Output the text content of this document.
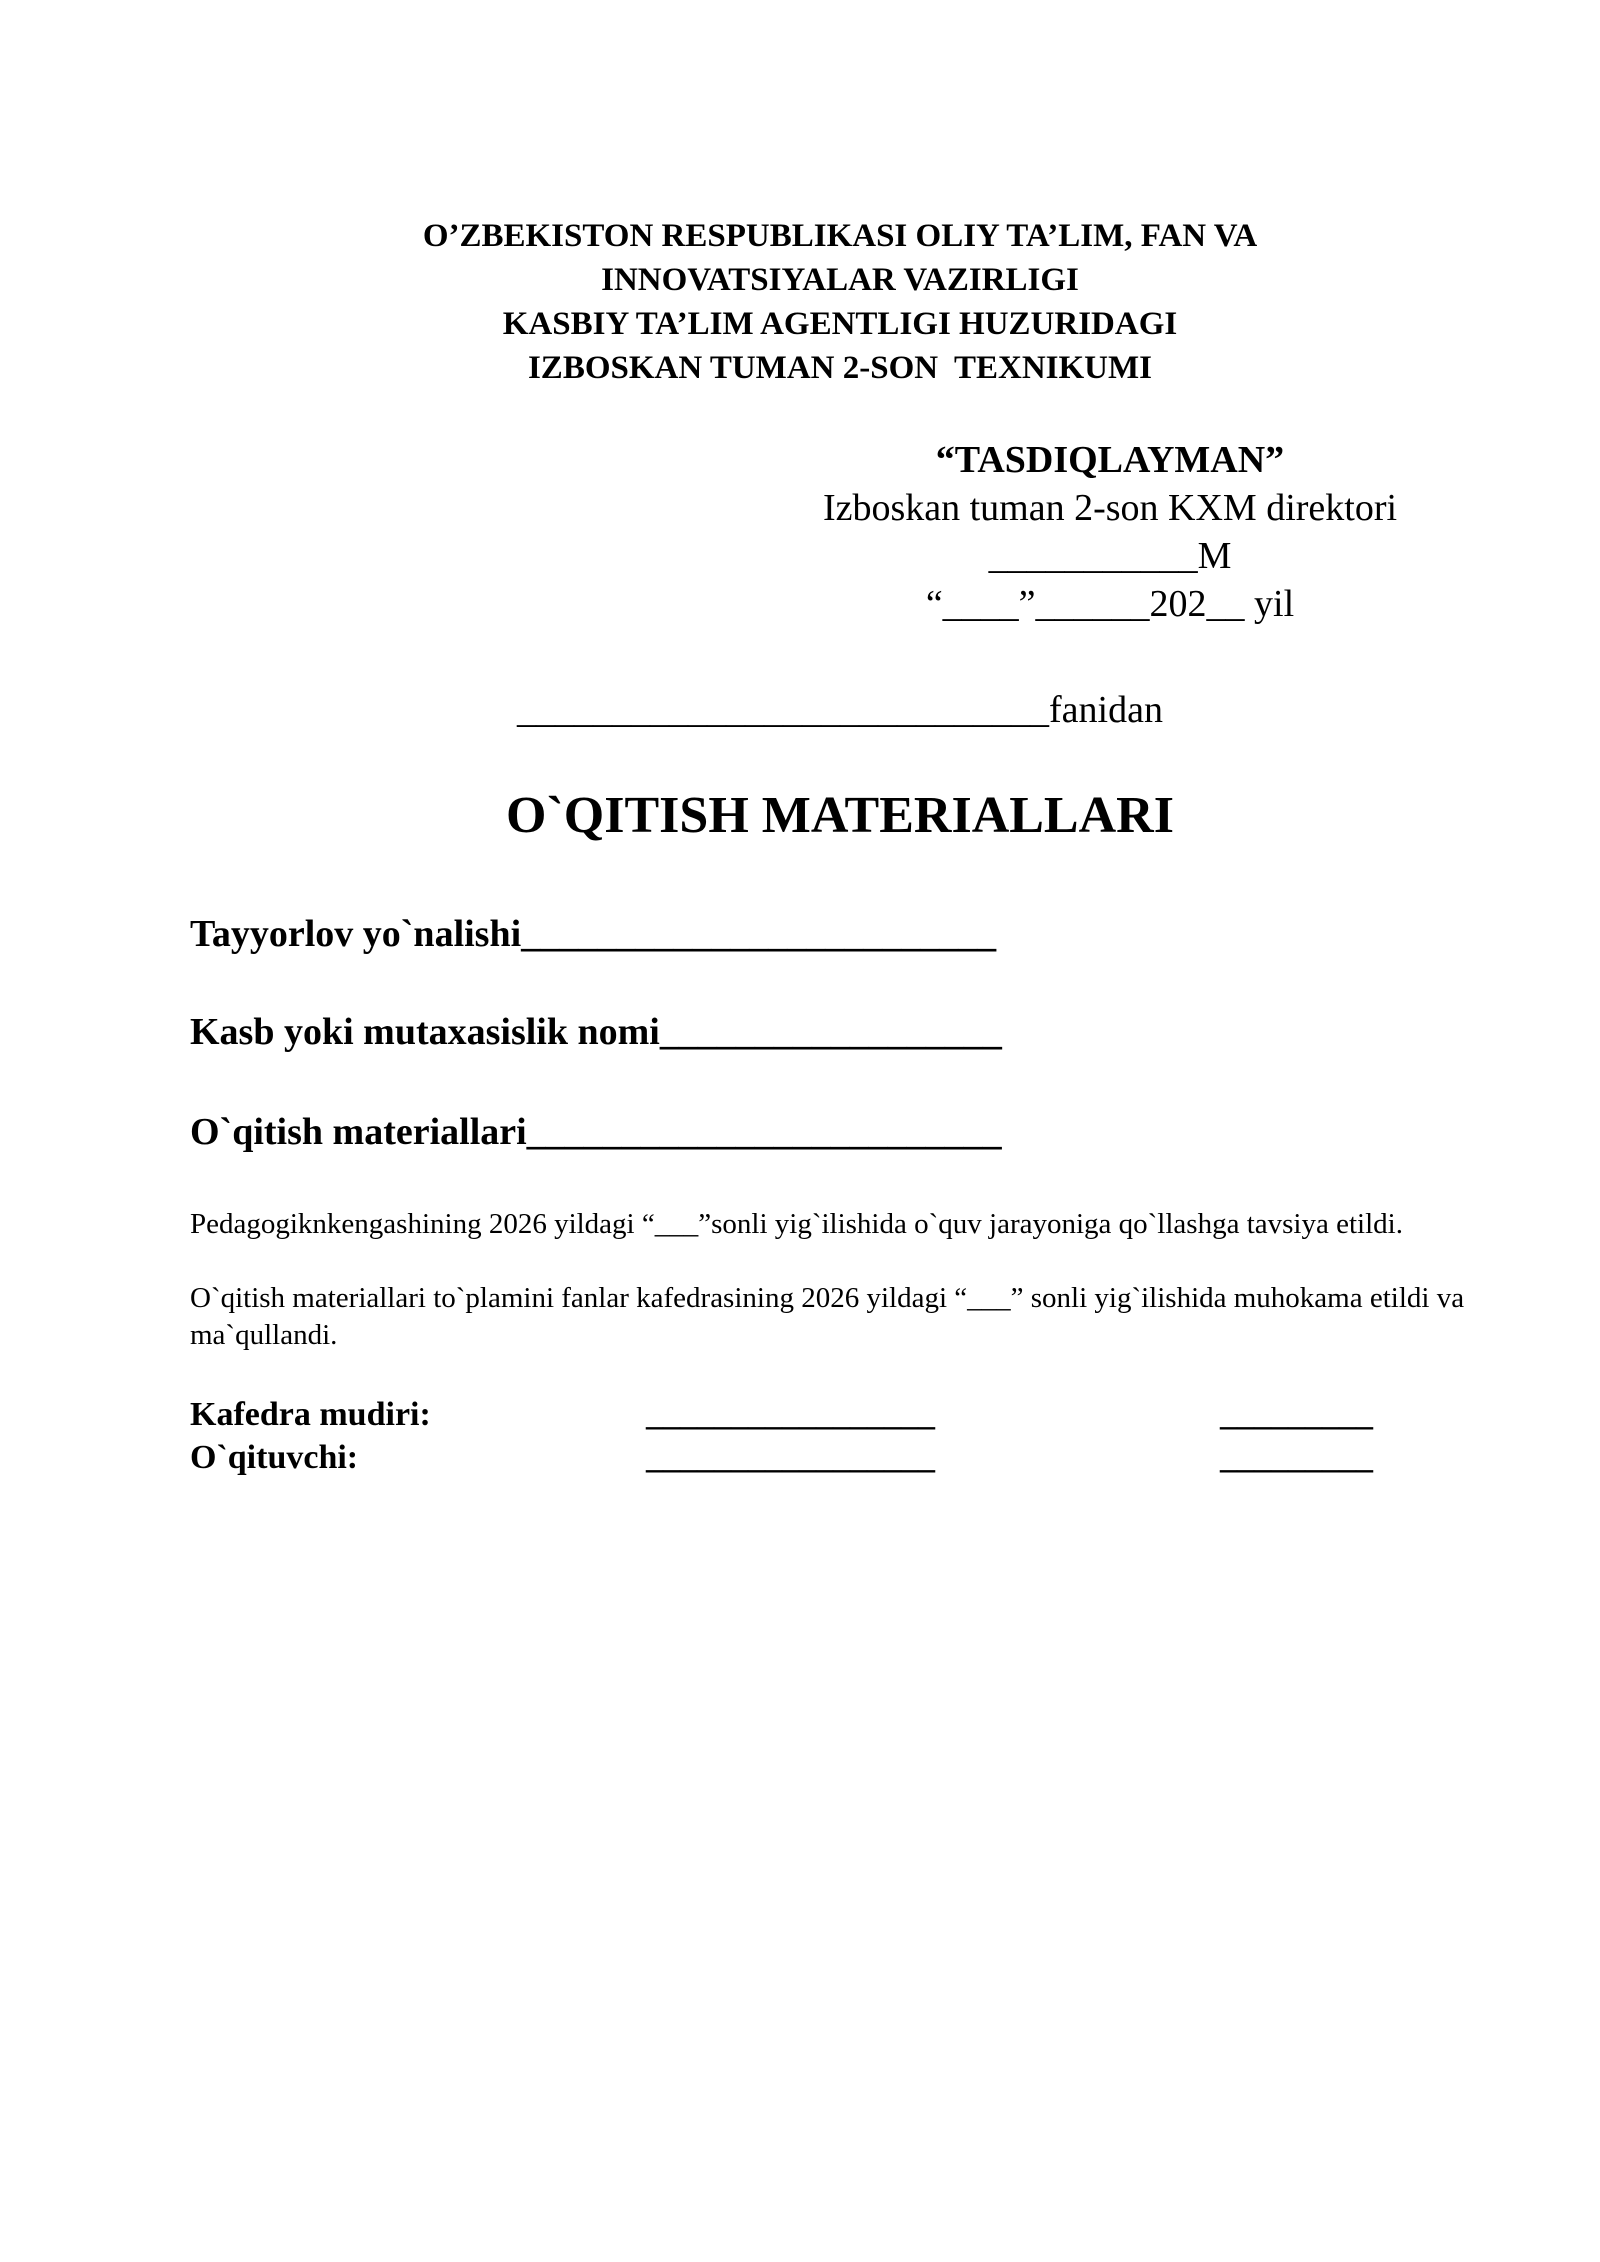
O’ZBEKISTON RESPUBLIKASI OLIY TA’LIM, FAN VA
INNOVATSIYALAR VAZIRLIGI
KASBIY TA’LIM AGENTLIGI HUZURIDAGI
IZBOSKAN TUMAN 2-SON  TEXNIKUMI
“TASDIQLAYMAN”
Izboskan tuman 2-son KXM direktori
___________M
“____”______202__ yil
____________________________fanidan
O`QITISH MATERIALLARI
Tayyorlov yo`nalishi_________________________
Kasb yoki mutaxasislik nomi__________________
O`qitish materiallari_________________________
Pedagogiknkengashining 2026 yildagi “___”sonli yig`ilishida o`quv jarayoniga qo`llashga tavsiya etildi.
O`qitish materiallari to`plamini fanlar kafedrasining 2026 yildagi “___” sonli yig`ilishida muhokama etildi va ma`qullandi.
Kafedra mudiri:	_________________	_________
O`qituvchi:	_________________	_________
